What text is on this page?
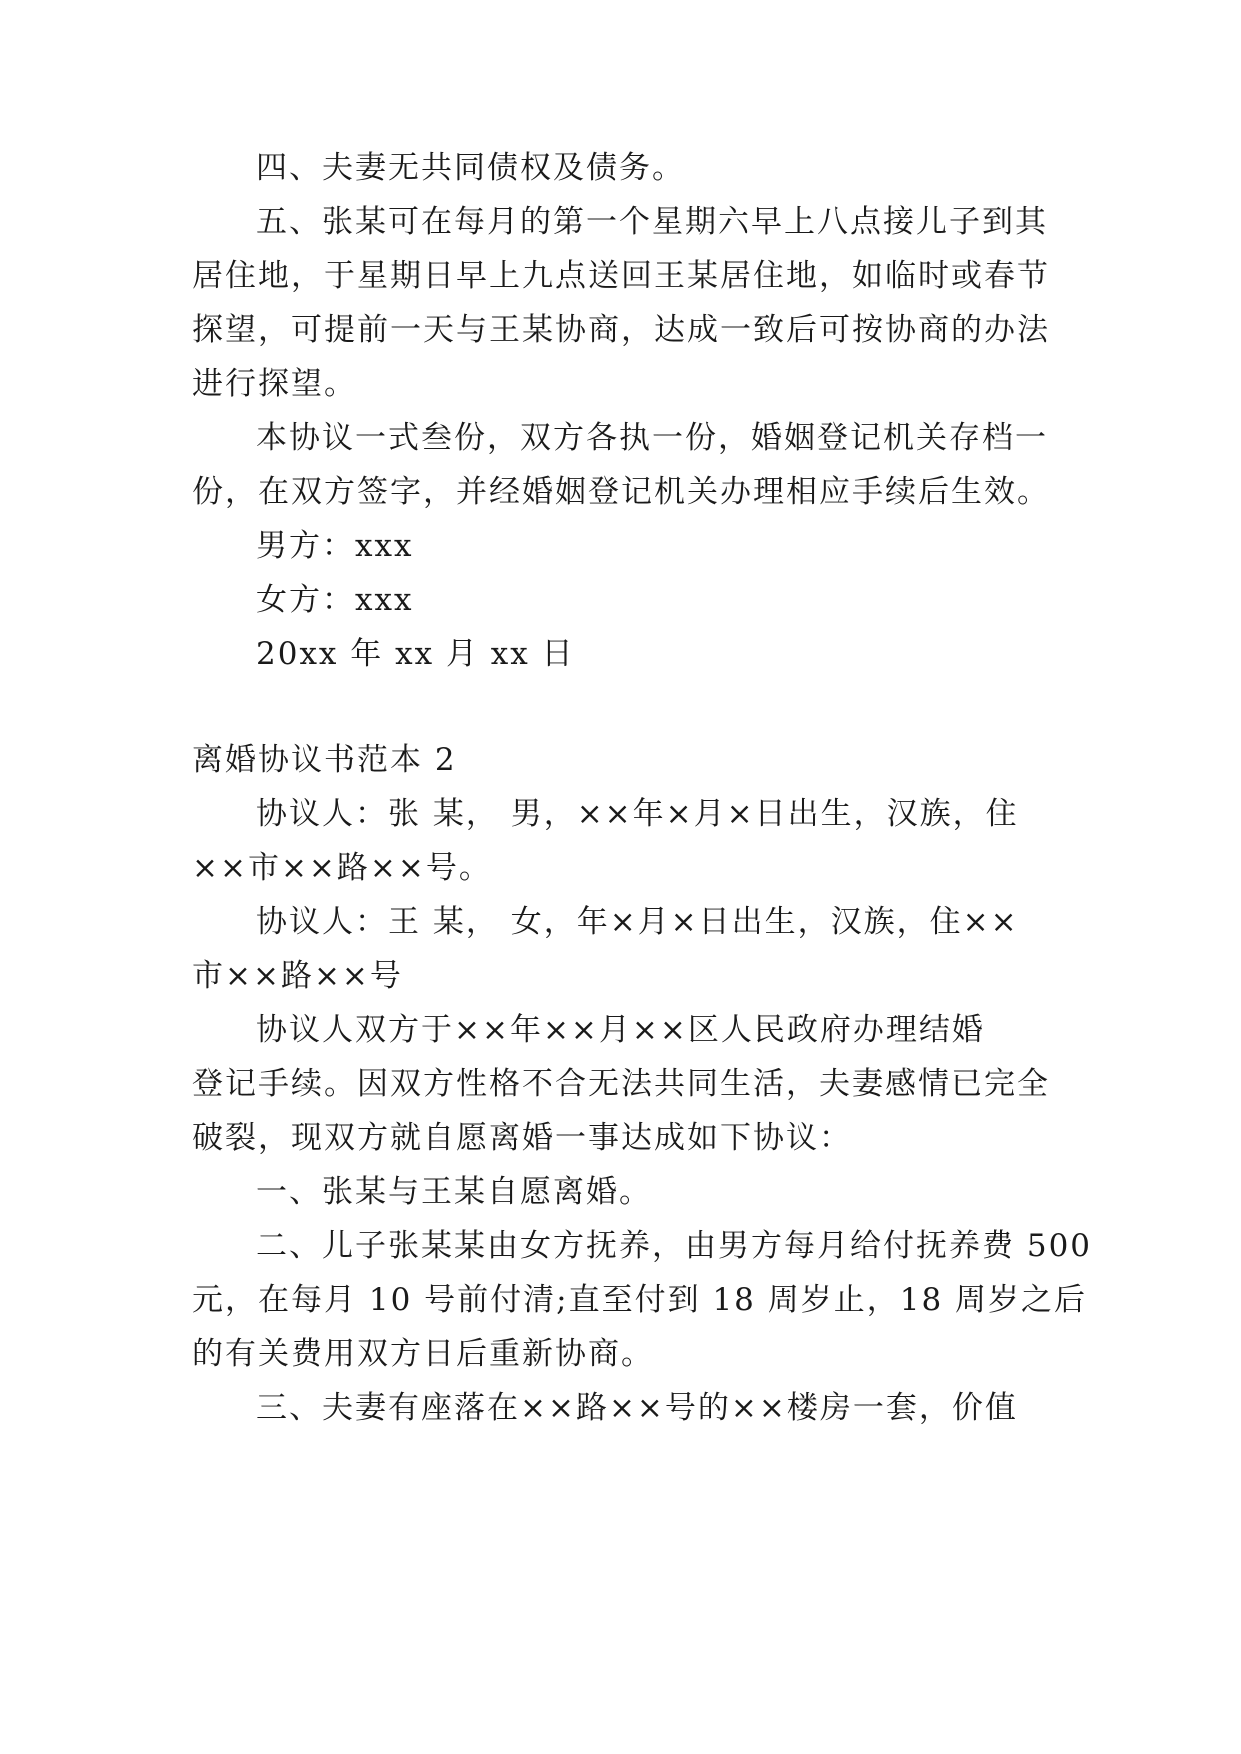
四、夫妻无共同债权及债务。
五、张某可在每月的第一个星期六早上八点接儿子到其
居住地，于星期日早上九点送回王某居住地，如临时或春节
探望，可提前一天与王某协商，达成一致后可按协商的办法
进行探望。
本协议一式叁份，双方各执一份，婚姻登记机关存档一
份，在双方签字，并经婚姻登记机关办理相应手续后生效。
男方：xxx
女方：xxx
20xx 年 xx 月 xx 日
离婚协议书范本 2
协议人：张 某， 男，××年×月×日出生，汉族，住
××市××路××号。
协议人：王 某， 女，年×月×日出生，汉族，住××
市××路××号
协议人双方于××年××月××区人民政府办理结婚
登记手续。因双方性格不合无法共同生活，夫妻感情已完全
破裂，现双方就自愿离婚一事达成如下协议：
一、张某与王某自愿离婚。
二、儿子张某某由女方抚养，由男方每月给付抚养费 500
元，在每月 10 号前付清;直至付到 18 周岁止，18 周岁之后
的有关费用双方日后重新协商。
三、夫妻有座落在××路××号的××楼房一套，价值
